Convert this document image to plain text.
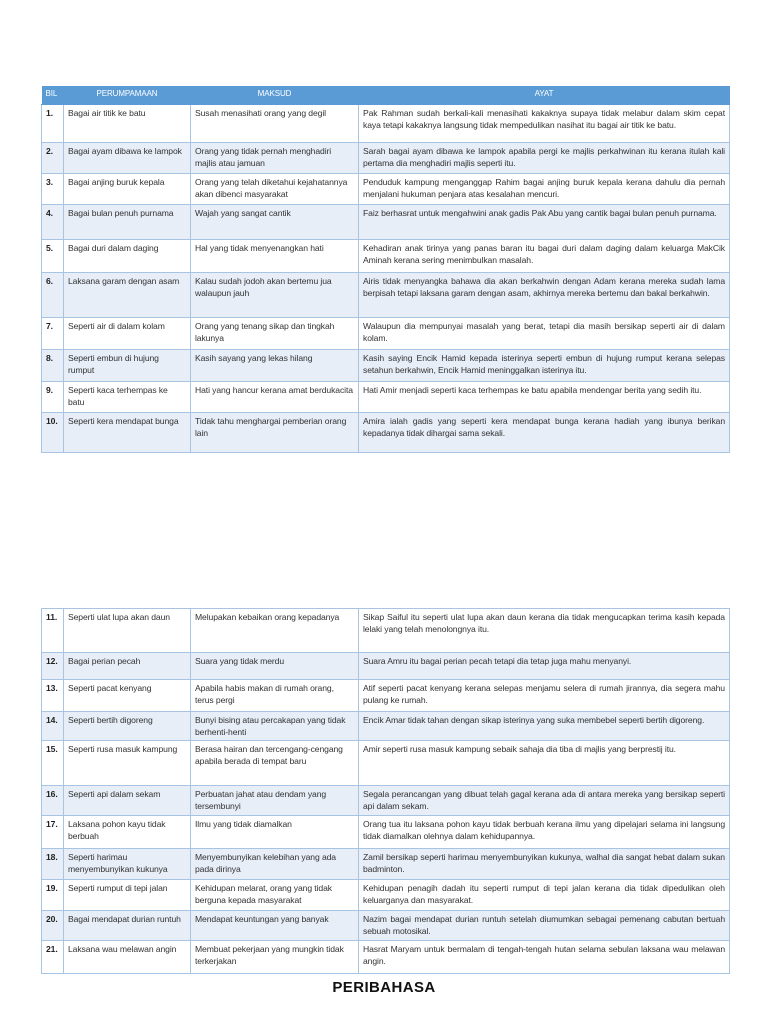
BIL	PERUMPAMAAN	MAKSUD	AYAT
1.	Bagai air titik ke batu	Susah menasihati orang yang degil	Pak Rahman sudah berkali-kali menasihati kakaknya supaya tidak melabur dalam skim cepat kaya tetapi kakaknya langsung tidak mempedulikan nasihat itu bagai air titik ke batu.
2.	Bagai ayam dibawa ke lampok	Orang yang tidak pernah menghadiri majlis atau jamuan	Sarah bagai ayam dibawa ke lampok apabila pergi ke majlis perkahwinan itu kerana itulah kali pertama dia menghadiri majlis seperti itu.
3.	Bagai anjing buruk kepala	Orang yang telah diketahui kejahatannya akan dibenci masyarakat	Penduduk kampung menganggap Rahim bagai anjing buruk kepala kerana dahulu dia pernah menjalani hukuman penjara atas kesalahan mencuri.
4.	Bagai bulan penuh purnama	Wajah yang sangat cantik	Faiz berhasrat untuk mengahwini anak gadis Pak Abu yang cantik bagai bulan penuh purnama.
5.	Bagai duri dalam daging	Hal yang tidak menyenangkan hati	Kehadiran anak tirinya yang panas baran itu bagai duri dalam daging dalam keluarga MakCik Aminah kerana sering menimbulkan masalah.
6.	Laksana garam dengan asam	Kalau sudah jodoh akan bertemu jua walaupun jauh	Airis tidak menyangka bahawa dia akan berkahwin dengan Adam kerana mereka sudah lama berpisah tetapi laksana garam dengan asam, akhirnya mereka bertemu dan bakal berkahwin.
7.	Seperti air di dalam kolam	Orang yang tenang sikap dan tingkah lakunya	Walaupun dia mempunyai masalah yang berat, tetapi dia masih bersikap seperti air di dalam kolam.
8.	Seperti embun di hujung rumput	Kasih sayang yang lekas hilang	Kasih saying Encik Hamid kepada isterinya seperti embun di hujung rumput kerana selepas setahun berkahwin, Encik Hamid meninggalkan isterinya itu.
9.	Seperti kaca terhempas ke batu	Hati yang hancur kerana amat berdukacita	Hati Amir menjadi seperti kaca terhempas ke batu apabila mendengar berita yang sedih itu.
10.	Seperti kera mendapat bunga	Tidak tahu menghargai pemberian orang lain	Amira ialah gadis yang seperti kera mendapat bunga kerana hadiah yang ibunya berikan kepadanya tidak dihargai sama sekali.
11.	Seperti ulat lupa akan daun	Melupakan kebaikan orang kepadanya	Sikap Saiful itu seperti ulat lupa akan daun kerana dia tidak mengucapkan terima kasih kepada lelaki yang telah menolongnya itu.
12.	Bagai perian pecah	Suara yang tidak merdu	Suara Amru itu bagai perian pecah tetapi dia tetap juga mahu menyanyi.
13.	Seperti pacat kenyang	Apabila habis makan di rumah orang, terus pergi	Atif seperti pacat kenyang kerana selepas menjamu selera di rumah jirannya, dia segera mahu pulang ke rumah.
14.	Seperti bertih digoreng	Bunyi bising atau percakapan yang tidak berhenti-henti	Encik Amar tidak tahan dengan sikap isterinya yang suka membebel seperti bertih digoreng.
15.	Seperti rusa masuk kampung	Berasa hairan dan tercengang-cengang apabila berada di tempat baru	Amir seperti rusa masuk kampung sebaik sahaja dia tiba di majlis yang berprestij itu.
16.	Seperti api dalam sekam	Perbuatan jahat atau dendam yang tersembunyi	Segala perancangan yang dibuat telah gagal kerana ada di antara mereka yang bersikap seperti api dalam sekam.
17.	Laksana pohon kayu tidak berbuah	Ilmu yang tidak diamalkan	Orang tua itu laksana pohon kayu tidak berbuah kerana ilmu yang dipelajari selama ini langsung tidak diamalkan olehnya dalam kehidupannya.
18.	Seperti harimau menyembunyikan kukunya	Menyembunyikan kelebihan yang ada pada dirinya	Zamil bersikap seperti harimau menyembunyikan kukunya, walhal dia sangat hebat dalam sukan badminton.
19.	Seperti rumput di tepi jalan	Kehidupan melarat, orang yang tidak berguna kepada masyarakat	Kehidupan penagih dadah itu seperti rumput di tepi jalan kerana dia tidak dipedulikan oleh keluarganya dan masyarakat.
20.	Bagai mendapat durian runtuh	Mendapat keuntungan yang banyak	Nazim bagai mendapat durian runtuh setelah diumumkan sebagai pemenang cabutan bertuah sebuah motosikal.
21.	Laksana wau melawan angin	Membuat pekerjaan yang mungkin tidak terkerjakan	Hasrat Maryam untuk bermalam di tengah-tengah hutan selama sebulan laksana wau melawan angin.
PERIBAHASA
